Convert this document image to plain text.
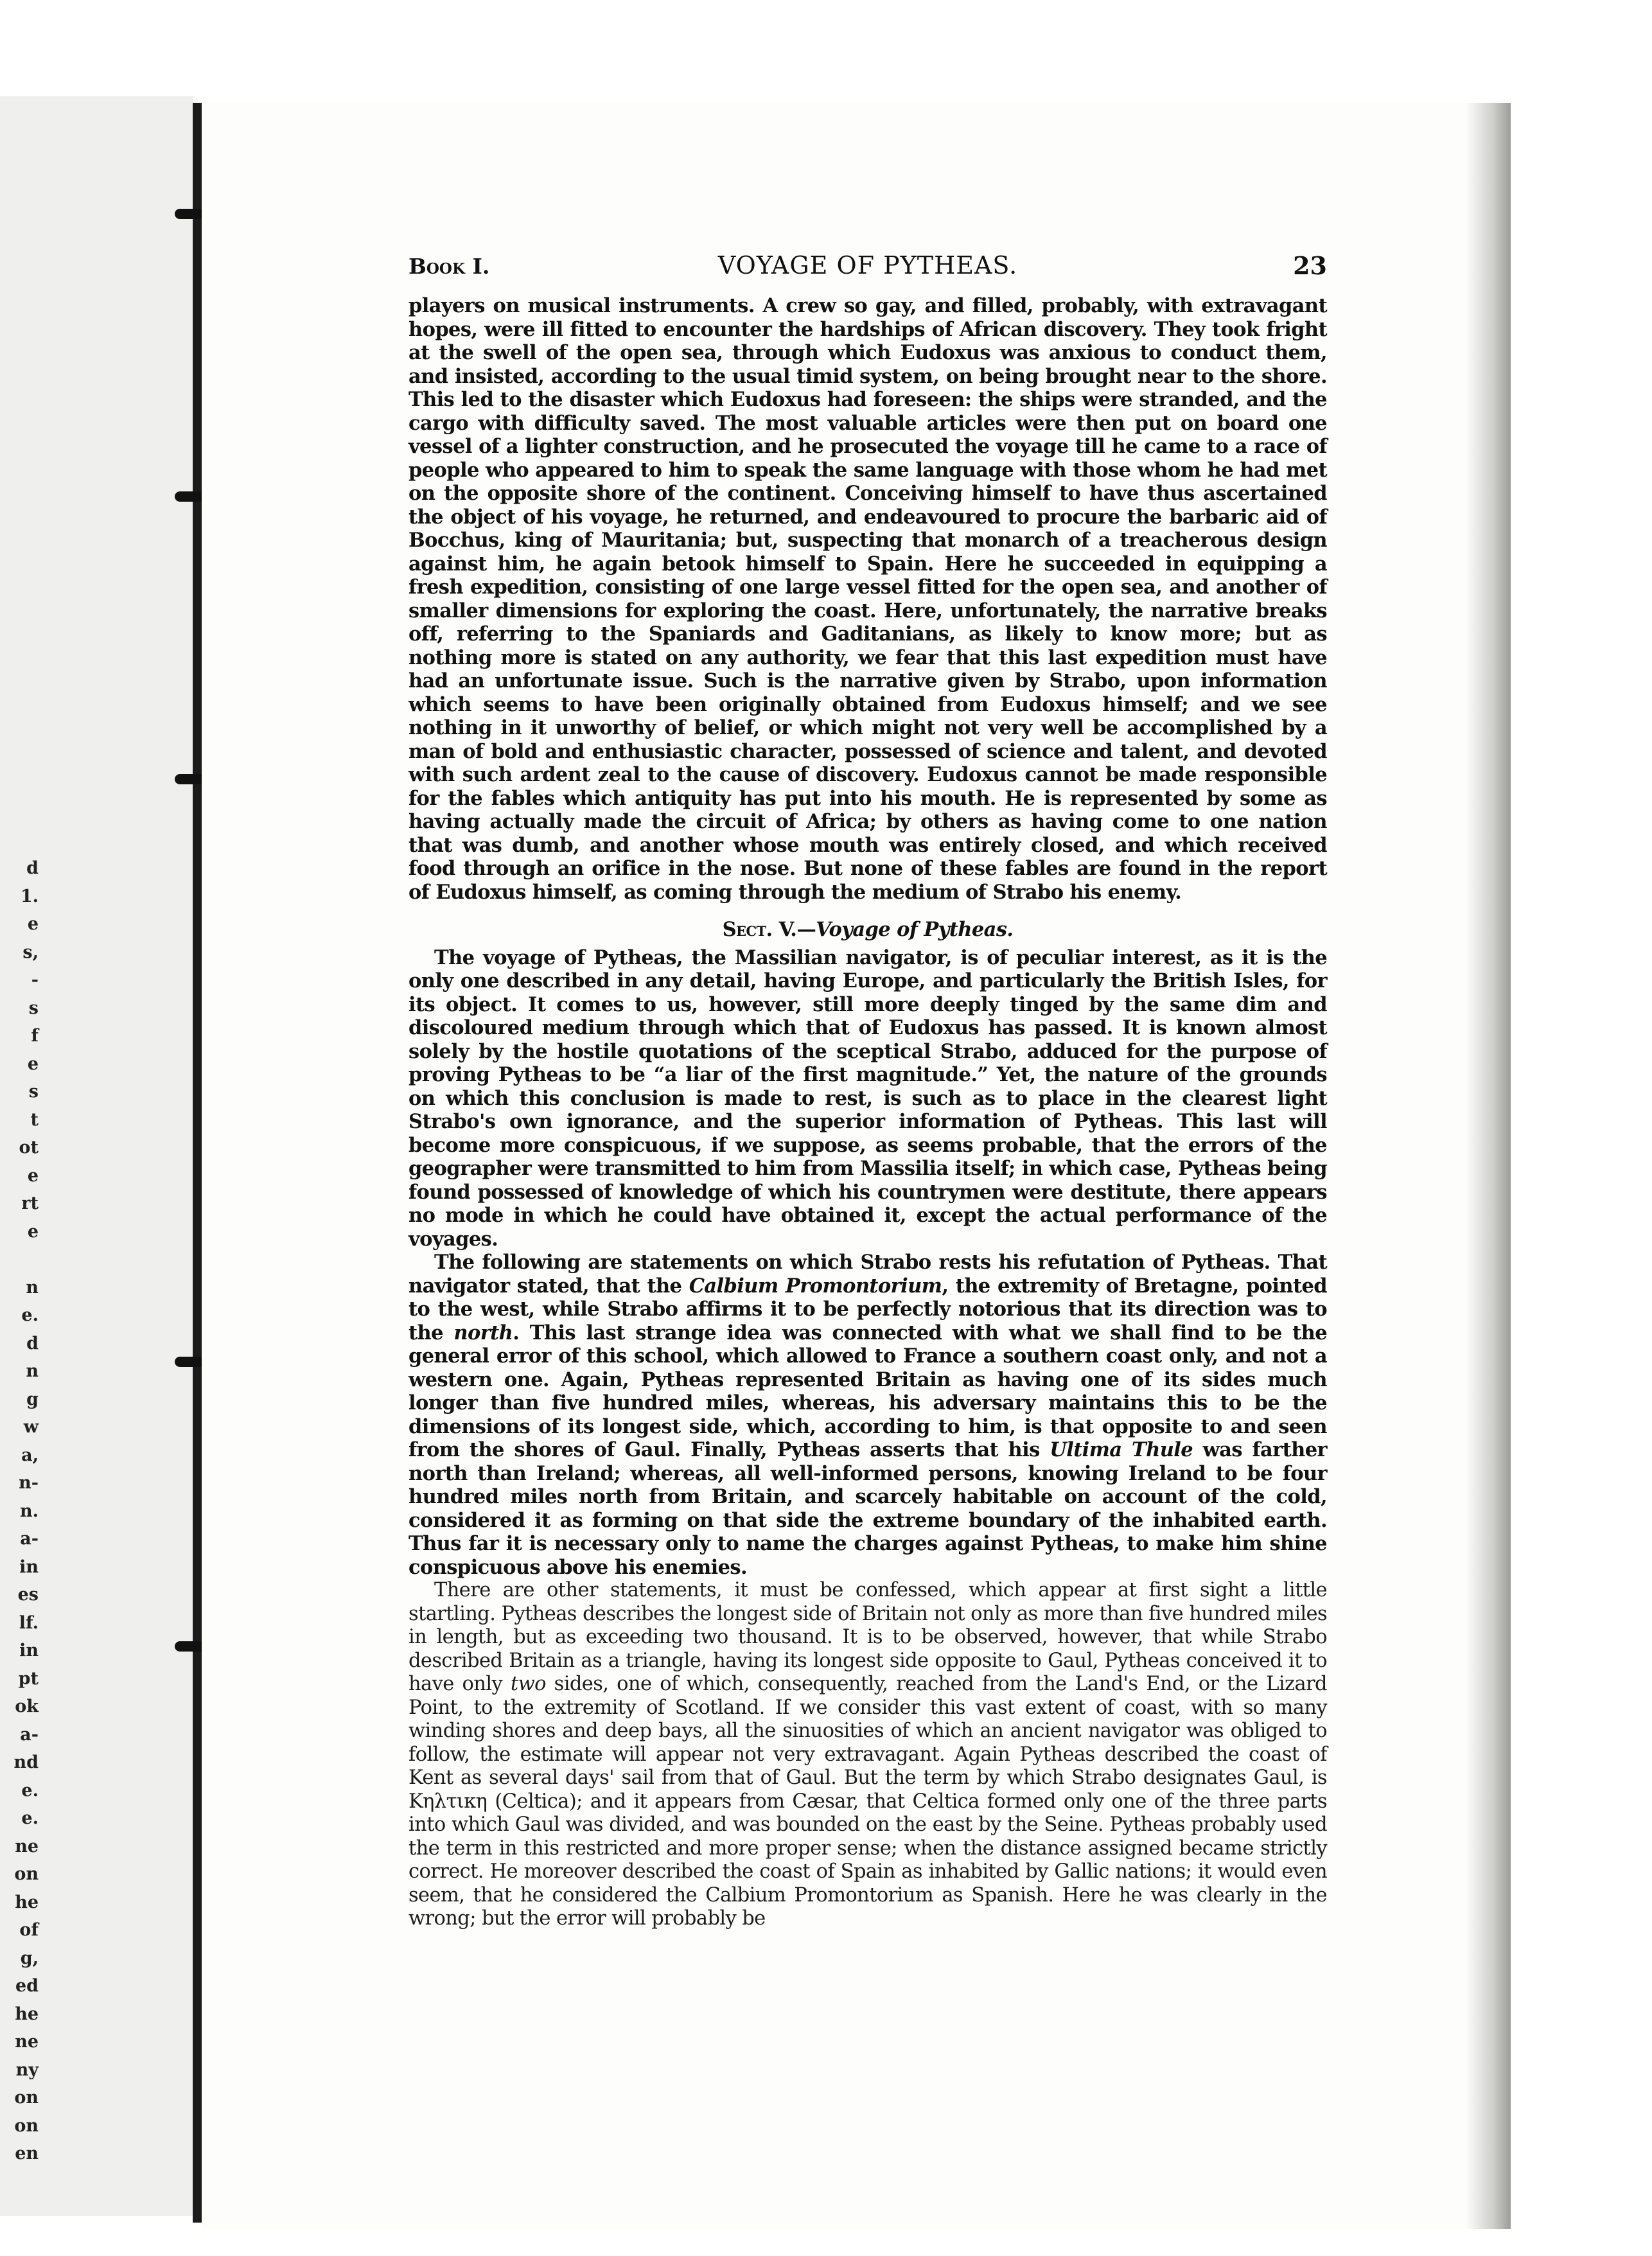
d
1.
e
s,
-
s
f
e
s
t
ot
e
rt
e
n
e.
d
n
g
w
a,
n-
n.
a-
in
es
lf.
in
pt
ok
a-
nd
e.
e.
ne
on
he
of
g,
ed
he
ne
ny
on
on
en
Book I.	VOYAGE OF PYTHEAS.	23

players on musical instruments. A crew so gay, and filled, probably, with extravagant hopes, were ill fitted to encounter the hardships of African discovery. They took fright at the swell of the open sea, through which Eudoxus was anxious to conduct them, and insisted, according to the usual timid system, on being brought near to the shore. This led to the disaster which Eudoxus had foreseen: the ships were stranded, and the cargo with difficulty saved. The most valuable articles were then put on board one vessel of a lighter construction, and he prosecuted the voyage till he came to a race of people who appeared to him to speak the same language with those whom he had met on the opposite shore of the continent. Conceiving himself to have thus ascertained the object of his voyage, he returned, and endeavoured to procure the barbaric aid of Bocchus, king of Mauritania; but, suspecting that monarch of a treacherous design against him, he again betook himself to Spain. Here he succeeded in equipping a fresh expedition, consisting of one large vessel fitted for the open sea, and another of smaller dimensions for exploring the coast. Here, unfortunately, the narrative breaks off, referring to the Spaniards and Gaditanians, as likely to know more; but as nothing more is stated on any authority, we fear that this last expedition must have had an unfortunate issue. Such is the narrative given by Strabo, upon information which seems to have been originally obtained from Eudoxus himself; and we see nothing in it unworthy of belief, or which might not very well be accomplished by a man of bold and enthusiastic character, possessed of science and talent, and devoted with such ardent zeal to the cause of discovery. Eudoxus cannot be made responsible for the fables which antiquity has put into his mouth. He is represented by some as having actually made the circuit of Africa; by others as having come to one nation that was dumb, and another whose mouth was entirely closed, and which received food through an orifice in the nose. But none of these fables are found in the report of Eudoxus himself, as coming through the medium of Strabo his enemy.

Sect. V.—Voyage of Pytheas.

The voyage of Pytheas, the Massilian navigator, is of peculiar interest, as it is the only one described in any detail, having Europe, and particularly the British Isles, for its object. It comes to us, however, still more deeply tinged by the same dim and discoloured medium through which that of Eudoxus has passed. It is known almost solely by the hostile quotations of the sceptical Strabo, adduced for the purpose of proving Pytheas to be “a liar of the first magnitude.” Yet, the nature of the grounds on which this conclusion is made to rest, is such as to place in the clearest light Strabo's own ignorance, and the superior information of Pytheas. This last will become more conspicuous, if we suppose, as seems probable, that the errors of the geographer were transmitted to him from Massilia itself; in which case, Pytheas being found possessed of knowledge of which his countrymen were destitute, there appears no mode in which he could have obtained it, except the actual performance of the voyages.

The following are statements on which Strabo rests his refutation of Pytheas. That navigator stated, that the Calbium Promontorium, the extremity of Bretagne, pointed to the west, while Strabo affirms it to be perfectly notorious that its direction was to the north. This last strange idea was connected with what we shall find to be the general error of this school, which allowed to France a southern coast only, and not a western one. Again, Pytheas represented Britain as having one of its sides much longer than five hundred miles, whereas, his adversary maintains this to be the dimensions of its longest side, which, according to him, is that opposite to and seen from the shores of Gaul. Finally, Pytheas asserts that his Ultima Thule was farther north than Ireland; whereas, all well-informed persons, knowing Ireland to be four hundred miles north from Britain, and scarcely habitable on account of the cold, considered it as forming on that side the extreme boundary of the inhabited earth. Thus far it is necessary only to name the charges against Pytheas, to make him shine conspicuous above his enemies.

There are other statements, it must be confessed, which appear at first sight a little startling. Pytheas describes the longest side of Britain not only as more than five hundred miles in length, but as exceeding two thousand. It is to be observed, however, that while Strabo described Britain as a triangle, having its longest side opposite to Gaul, Pytheas conceived it to have only two sides, one of which, consequently, reached from the Land's End, or the Lizard Point, to the extremity of Scotland. If we consider this vast extent of coast, with so many winding shores and deep bays, all the sinuosities of which an ancient navigator was obliged to follow, the estimate will appear not very extravagant. Again Pytheas described the coast of Kent as several days' sail from that of Gaul. But the term by which Strabo designates Gaul, is Κηλτικη (Celtica); and it appears from Cæsar, that Celtica formed only one of the three parts into which Gaul was divided, and was bounded on the east by the Seine. Pytheas probably used the term in this restricted and more proper sense; when the distance assigned became strictly correct. He moreover described the coast of Spain as inhabited by Gallic nations; it would even seem, that he considered the Calbium Promontorium as Spanish. Here he was clearly in the wrong; but the error will probably be
